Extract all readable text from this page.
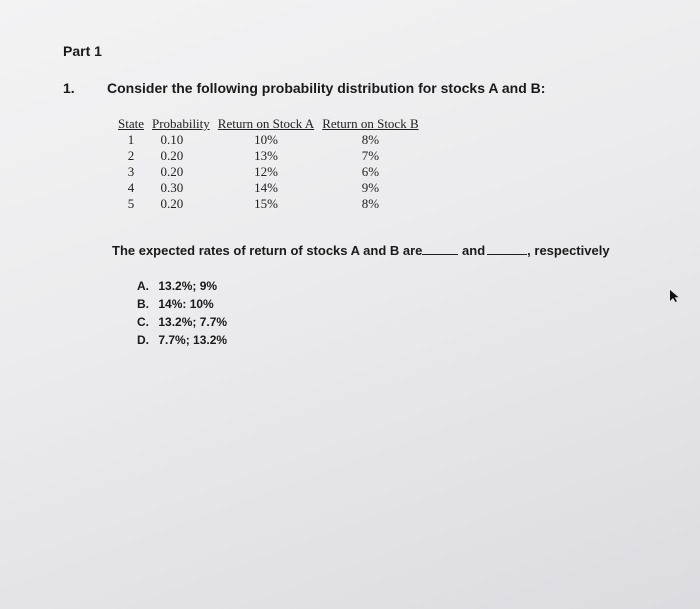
Part 1
1. Consider the following probability distribution for stocks A and B:
State	Probability	Return on Stock A	Return on Stock B
1	0.10	10%	8%
2	0.20	13%	7%
3	0.20	12%	6%
4	0.30	14%	9%
5	0.20	15%	8%
The expected rates of return of stocks A and B are	and	, respectively
A. 13.2%; 9%
B. 14%: 10%
C. 13.2%; 7.7%
D. 7.7%; 13.2%
